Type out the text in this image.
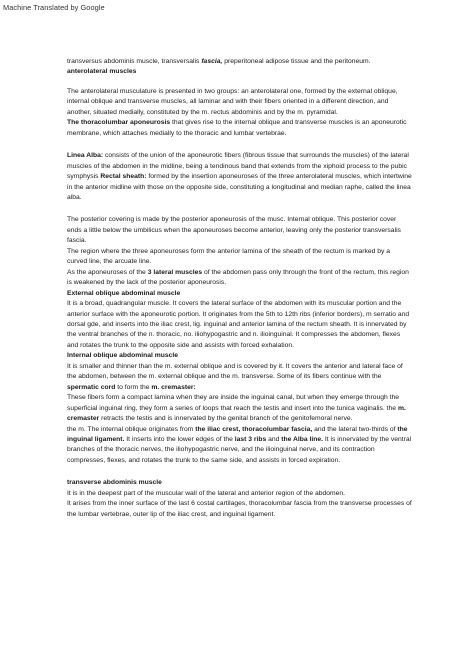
Machine Translated by Google

transversus abdominis muscle, transversalis fascia, preperitoneal adipose tissue and the peritoneum.

anterolateral muscles

The anterolateral musculature is presented in two groups: an anterolateral one, formed by the external oblique, internal oblique and transverse muscles, all laminar and with their fibers oriented in a different direction, and another, situated medially, constituted by the m. rectus abdominis and by the m. pyramidal.

The thoracolumbar aponeurosis that gives rise to the internal oblique and transverse muscles is an aponeurotic membrane, which attaches medially to the thoracic and lumbar vertebrae.

Linea Alba: consists of the union of the aponeurotic fibers (fibrous tissue that surrounds the muscles) of the lateral muscles of the abdomen in the midline, being a tendinous band that extends from the xiphoid process to the pubic symphysis Rectal sheath: formed by the insertion aponeuroses of the three anterolateral muscles, which intertwine in the anterior midline with those on the opposite side, constituting a longitudinal and median raphe, called the linea alba.

The posterior covering is made by the posterior aponeurosis of the musc. Internal oblique. This posterior cover ends a little below the umbilicus when the aponeuroses become anterior, leaving only the posterior transversalis fascia.

The region where the three aponeuroses form the anterior lamina of the sheath of the rectum is marked by a curved line, the arcuate line.

As the aponeuroses of the 3 lateral muscles of the abdomen pass only through the front of the rectum, this region is weakened by the lack of the posterior aponeurosis.

External oblique abdominal muscle

It is a broad, quadrangular muscle. It covers the lateral surface of the abdomen with its muscular portion and the anterior surface with the aponeurotic portion. It originates from the 5th to 12th ribs (inferior borders), m serratio and dorsal gde, and inserts into the iliac crest, lig. inguinal and anterior lamina of the rectum sheath. It is innervated by the ventral branches of the n. thoracic, no. iliohypogastric and n. ilioinguinal. It compresses the abdomen, flexes and rotates the trunk to the opposite side and assists with forced exhalation.

Internal oblique abdominal muscle

It is smaller and thinner than the m. external oblique and is covered by it. It covers the anterior and lateral face of the abdomen, between the m. external oblique and the m. transverse. Some of its fibers continue with the spermatic cord to form the m. cremaster:

These fibers form a compact lamina when they are inside the inguinal canal, but when they emerge through the superficial inguinal ring, they form a series of loops that reach the testis and insert into the tunica vaginalis. the m. cremaster retracts the testis and is innervated by the genital branch of the genitofemoral nerve.

the m. The internal oblique originates from the iliac crest, thoracolumbar fascia, and the lateral two-thirds of the inguinal ligament. It inserts into the lower edges of the last 3 ribs and the Alba line. It is innervated by the ventral branches of the thoracic nerves, the iliohypogastric nerve, and the ilioinguinal nerve, and its contraction compresses, flexes, and rotates the trunk to the same side, and assists in forced expiration.

transverse abdominis muscle

It is in the deepest part of the muscular wall of the lateral and anterior region of the abdomen.

It arises from the inner surface of the last 6 costal cartilages, thoracolumbar fascia from the transverse processes of the lumbar vertebrae, outer lip of the iliac crest, and inguinal ligament.
